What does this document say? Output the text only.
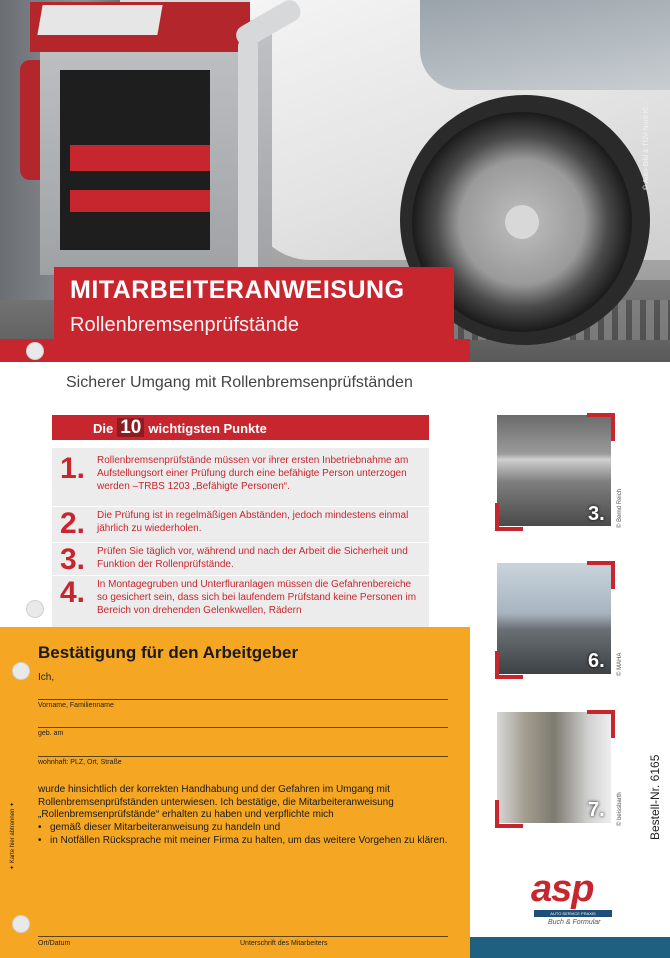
© Auto-Bild & TÜV-Nord Kl...
MITARBEITERANWEISUNG
Rollenbremsenprüfstände
Sicherer Umgang mit Rollenbremsenprüfständen
Die 10 wichtigsten Punkte
1. Rollenbremsenprüfstände müssen vor ihrer ersten Inbetriebnahme am Aufstellungsort einer Prüfung durch eine befähigte Person unterzogen werden –TRBS 1203 „Befähigte Personen“.
2. Die Prüfung ist in regelmäßigen Abständen, jedoch mindestens einmal jährlich zu wiederholen.
3. Prüfen Sie täglich vor, während und nach der Arbeit die Sicherheit und Funktion der Rollenprüfstände.
4. In Montagegruben und Unterfluranlagen müssen die Gefahrenbereiche so gesichert sein, dass sich bei laufendem Prüfstand keine Personen im Bereich von drehenden Gelenkwellen, Rädern
3. © Bernd Reich
6. © MAHA
7. © beissbarth Bestell-Nr. 6165
Bestätigung für den Arbeitgeber
Ich,
Vorname, Familienname
geb. am
wohnhaft: PLZ, Ort, Straße
wurde hinsichtlich der korrekten Handhabung und der Gefahren im Umgang mit Rollenbremsenprüfständen unterwiesen. Ich bestätige, die Mitarbeiteranweisung „Rollenbremsenprüfstände“ erhalten zu haben und verpflichte mich
• gemäß dieser Mitarbeiteranweisung zu handeln und
• in Notfällen Rücksprache mit meiner Firma zu halten, um das weitere Vorgehen zu klären.
✦ Karte hier abtrennen ✦
Ort/Datum	Unterschrift des Mitarbeiters
asp
AUTO SERVICE PRAXIS
Buch & Formular
